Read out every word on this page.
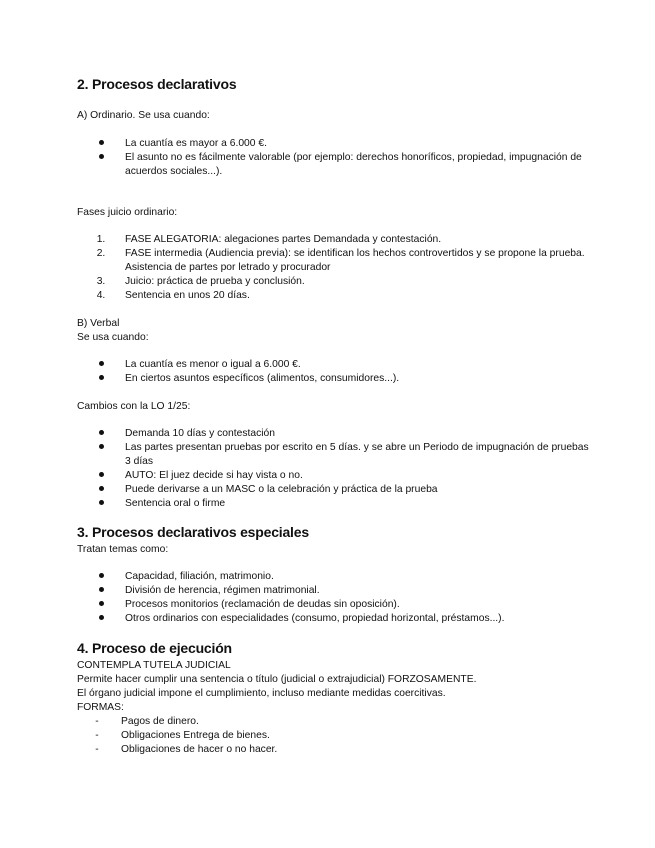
2. Procesos declarativos
A) Ordinario. Se usa cuando:
La cuantía es mayor a 6.000 €.
El asunto no es fácilmente valorable (por ejemplo: derechos honoríficos, propiedad, impugnación de acuerdos sociales...).
Fases juicio ordinario:
1.	FASE ALEGATORIA: alegaciones partes Demandada y contestación.
2.	FASE intermedia (Audiencia previa): se identifican los hechos controvertidos y se propone la prueba. Asistencia de partes por letrado y procurador
3.	Juicio: práctica de prueba y conclusión.
4.	Sentencia en unos 20 días.
B) Verbal
Se usa cuando:
La cuantía es menor o igual a 6.000 €.
En ciertos asuntos específicos (alimentos, consumidores...).
Cambios con la LO 1/25:
Demanda 10 días y contestación
Las partes presentan pruebas por escrito en 5 días. y se abre un Periodo de impugnación de pruebas 3 días
AUTO: El juez decide si hay vista o no.
Puede derivarse a un MASC o la celebración y práctica de la prueba
Sentencia oral o firme
3. Procesos declarativos especiales
Tratan temas como:
Capacidad, filiación, matrimonio.
División de herencia, régimen matrimonial.
Procesos monitorios (reclamación de deudas sin oposición).
Otros ordinarios con especialidades (consumo, propiedad horizontal, préstamos...).
4. Proceso de ejecución
CONTEMPLA TUTELA JUDICIAL
Permite hacer cumplir una sentencia o título (judicial o extrajudicial) FORZOSAMENTE.
El órgano judicial impone el cumplimiento, incluso mediante medidas coercitivas.
FORMAS:
-	Pagos de dinero.
-	Obligaciones Entrega de bienes.
-	Obligaciones de hacer o no hacer.
